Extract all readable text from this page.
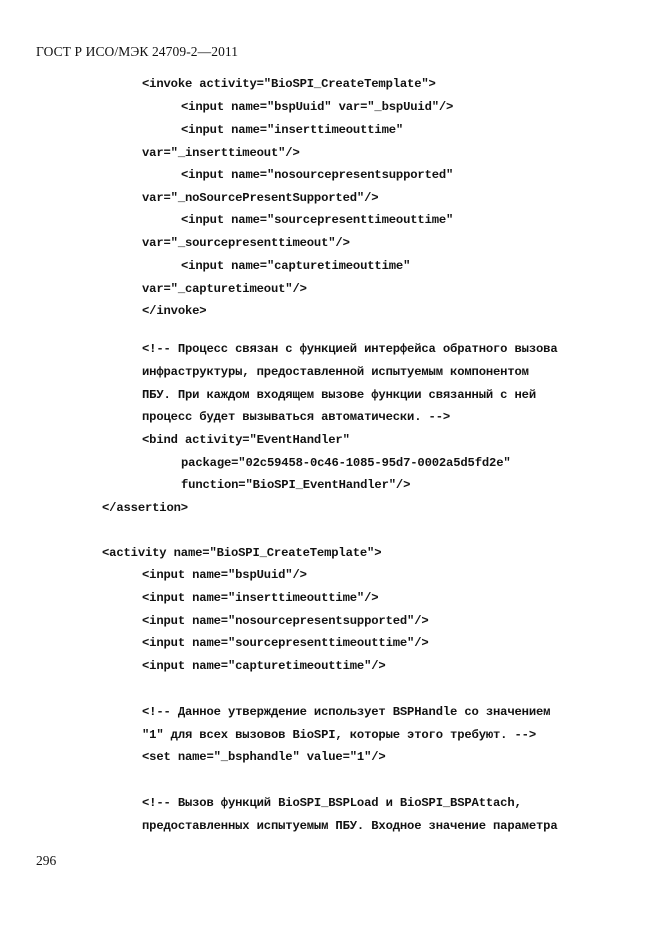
ГОСТ Р ИСО/МЭК 24709-2—2011
<invoke activity="BioSPI_CreateTemplate">
<input name="bspUuid" var="_bspUuid"/>
<input name="inserttimeouttime"
var="_inserttimeout"/>
<input name="nosourcepresentsupported"
var="_noSourcePresentSupported"/>
<input name="sourcepresenttimeouttime"
var="_sourcepresenttimeout"/>
<input name="capturetimeouttime"
var="_capturetimeout"/>
</invoke>
<!-- Процесс связан с функцией интерфейса обратного вызова
инфраструктуры, предоставленной испытуемым компонентом
ПБУ. При каждом входящем вызове функции связанный с ней
процесс будет вызываться автоматически. -->
<bind activity="EventHandler"
package="02c59458-0c46-1085-95d7-0002a5d5fd2e"
function="BioSPI_EventHandler"/>
</assertion>
<activity name="BioSPI_CreateTemplate">
<input name="bspUuid"/>
<input name="inserttimeouttime"/>
<input name="nosourcepresentsupported"/>
<input name="sourcepresenttimeouttime"/>
<input name="capturetimeouttime"/>
<!-- Данное утверждение использует BSPHandle со значением
"1" для всех вызовов BioSPI, которые этого требуют. -->
<set name="_bsphandle" value="1"/>
<!-- Вызов функций BioSPI_BSPLoad и BioSPI_BSPAttach,
предоставленных испытуемым ПБУ. Входное значение параметра
296
